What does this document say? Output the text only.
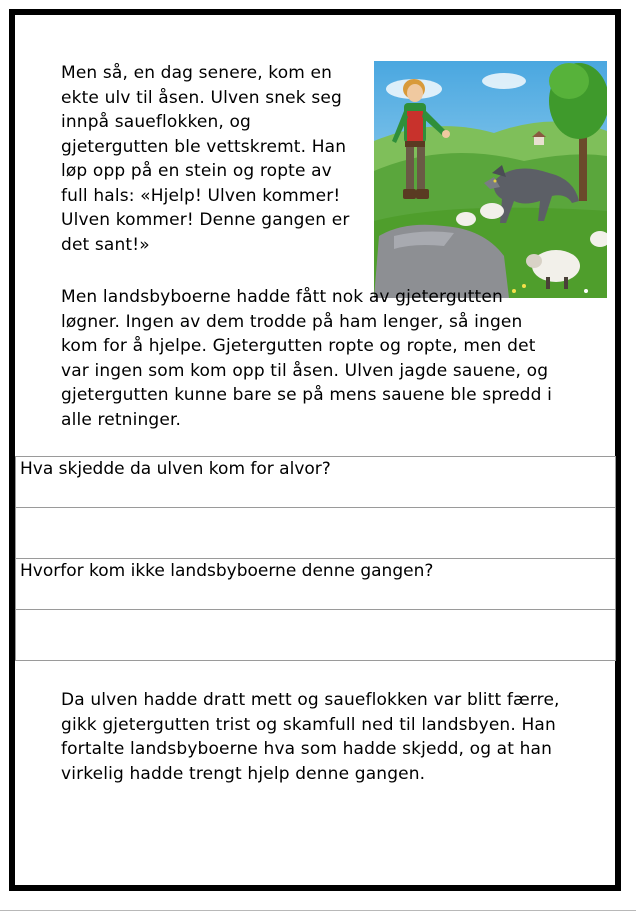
Men så, en dag senere, kom en ekte ulv til åsen. Ulven snek seg innpå saueflokken, og gjetergutten ble vettskremt. Han løp opp på en stein og ropte av full hals: «Hjelp! Ulven kommer! Ulven kommer! Denne gangen er det sant!»

Men landsbyboerne hadde fått nok av gjetergutten løgner. Ingen av dem trodde på ham lenger, så ingen kom for å hjelpe. Gjetergutten ropte og ropte, men det var ingen som kom opp til åsen. Ulven jagde sauene, og gjetergutten kunne bare se på mens sauene ble spredd i alle retninger.

Hva skjedde da ulven kom for alvor?

Hvorfor kom ikke landsbyboerne denne gangen?

Da ulven hadde dratt mett og saueflokken var blitt færre, gikk gjetergutten trist og skamfull ned til landsbyen. Han fortalte landsbyboerne hva som hadde skjedd, og at han virkelig hadde trengt hjelp denne gangen.
